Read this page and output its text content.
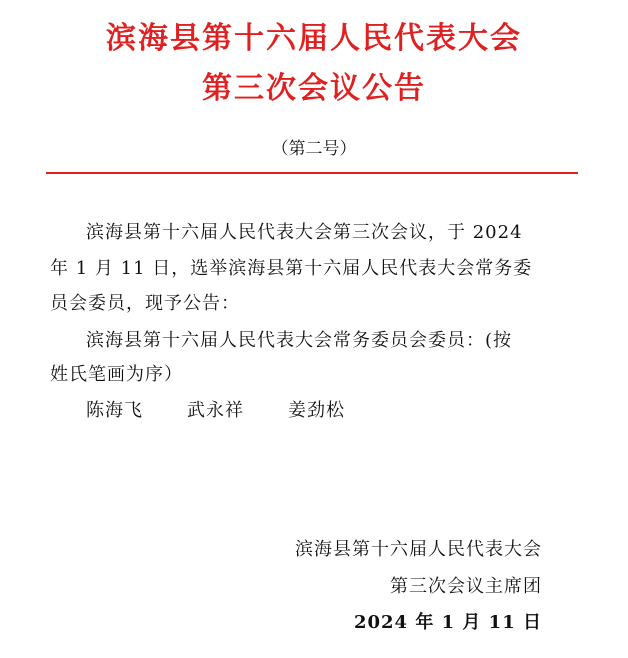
滨海县第十六届人民代表大会
第三次会议公告
（第二号）
滨海县第十六届人民代表大会第三次会议，于 2024
年 1 月 11 日，选举滨海县第十六届人民代表大会常务委
员会委员，现予公告：
滨海县第十六届人民代表大会常务委员会委员：(按
姓氏笔画为序）
陈海飞 武永祥 姜劲松
滨海县第十六届人民代表大会
第三次会议主席团
2024 年 1 月 11 日
